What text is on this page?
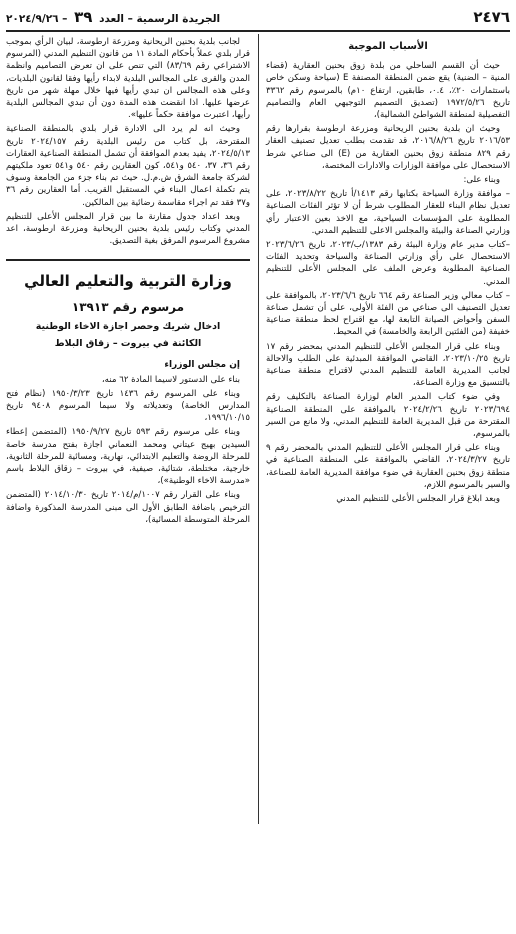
٢٤٧٦
الجريدة الرسمية – العدد ٣٩ – ٢٠٢٤/٩/٢٦
الأسباب الموجبة

حيث أن القسم الساحلي من بلدة زوق بحنين العقارية (قضاء المنية – الضنية) يقع ضمن المنطقة المصنفة E (سياحة وسكن خاص باستثمارات ٢٠٪، ٠.٤، طابقين، ارتفاع ١٠م) بالمرسوم رقم ٣٣٦٢ تاريخ ١٩٧٢/٥/٢٦ (تصديق التصميم التوجيهي العام والتصاميم التفصيلية لمنطقة الشواطئ الشمالية)،

وحيث ان بلدية بحنين الريحانية ومزرعة ارطوسة بقرارها رقم ٢٠١٦/٥٣ تاريخ ٢٠١٦/٨/٢٦، قد تقدمت بطلب تعديل تصنيف العقار رقم ٨٢٩ منطقة زوق بحنين العقارية من (E) الى صناعي شرط الاستحصال على موافقة الوزارات والادارات المختصة،

وبناء على:

– موافقة وزارة السياحة بكتابها رقم ١٤١٣/أ تاريخ ٢٠٢٣/٨/٢٢، على تعديل نظام البناء للعقار المطلوب شرط أن لا تؤثر الفئات الصناعية المطلوبة على المؤسسات السياحية، مع الاخذ بعين الاعتبار رأي وزارتي الصناعة والبيئة والمجلس الاعلى للتنظيم المدني.

–كتاب مدير عام وزارة البيئة رقم ١٣٨٣/ب/٢٠٢٣، تاريخ ٢٠٢٣/٦/٢٦ الاستحصال على رأي وزارتي الصناعة والسياحة وتحديد الفئات الصناعية المطلوبة وعرض الملف على المجلس الأعلى للتنظيم المدني.

– كتاب معالي وزير الصناعة رقم ٦٦٤ تاريخ ٢٠٢٣/٦/٦، بالموافقة على تعديل التصنيف الى صناعي من الفئة الأولى، على أن تشمل صناعة السفن وأحواض الصيانة التابعة لها، مع اقتراح لحظ منطقة صناعية خفيفة (من الفئتين الرابعة والخامسة) في المحيط.

وبناء على قرار المجلس الأعلى للتنظيم المدني بمحضر رقم ١٧ تاريخ ٢٠٢٣/١٠/٢٥، القاضي الموافقة المبدئية على الطلب والاحالة لجانب المديرية العامة للتنظيم المدني لاقتراح منطقة صناعية بالتنسيق مع وزارة الصناعة،

وفي ضوء كتاب المدير العام لوزارة الصناعة بالتكليف رقم ٢٠٢٣/٦٩٤ تاريخ ٢٠٢٤/٢/٢٦ بالموافقة على المنطقة الصناعية المقترحة من قبل المديرية العامة للتنظيم المدني، ولا مانع من السير بالمرسوم،

وبناء على قرار المجلس الأعلى للتنظيم المدني بالمحضر رقم ٩ تاريخ ٢٠٢٤/٣/٢٧، القاضي بالموافقة على المنطقة الصناعية في منطقة زوق بحنين العقارية في ضوء موافقة المديرية العامة للصناعة، والسير بالمرسوم اللازم،

وبعد ابلاغ قرار المجلس الأعلى للتنظيم المدني

لجانب بلدية بحنين الريحانية ومزرعة ارطوسة، لبيان الرأي بموجب قرار بلدي عملاً بأحكام المادة ١١ من قانون التنظيم المدني (المرسوم الاشتراعي رقم ٨٣/٦٩) التي تنص على ان تعرض التصاميم وانظمة المدن والقرى على المجالس البلدية لابداء رأيها وفقا لقانون البلديات، وعلى هذه المجالس ان تبدي رأيها فيها خلال مهلة شهر من تاريخ عرضها عليها. اذا انقضت هذه المدة دون أن تبدي المجالس البلدية رأيها، اعتبرت موافقة حكماً عليها».

وحيث انه لم يرد الى الادارة قرار بلدي بالمنطقة الصناعية المقترحة، بل كتاب من رئيس البلدية رقم ٢٠٢٤/١٥٧ تاريخ ٢٠٢٤/٥/١٣، يفيد بعدم الموافقة أن تشمل المنطقة الصناعية العقارات رقم ٣٦، ٣٧، ٥٤٠ و٥٤١، كون العقارين رقم ٥٤٠ و٥٤١ تعود ملكيتهم لشركة جامعة الشرق ش.م.ل. حيث تم بناء جزء من الجامعة وسوف يتم تكملة اعمال البناء في المستقبل القريب. أما العقارين رقم ٣٦ و٣٧ فقد تم اجراء مقاسمة رضائية بين المالكين.

وبعد اعداد جدول مقارنة ما بين قرار المجلس الأعلى للتنظيم المدني وكتاب رئيس بلدية بحنين الريحانية ومزرعة ارطوسة، اعد مشروع المرسوم المرفق بغية التصديق.

وزارة التربية والتعليم العالي
مرسوم رقم ١٣٩١٣
ادخال شريك وحصر اجازة الاخاء الوطنية
الكائنة في بيروت – زقاق البلاط

إن مجلس الوزراء

بناء على الدستور لاسيما المادة ٦٢ منه،

وبناء على المرسوم رقم ١٤٣٦ تاريخ ١٩٥٠/٣/٢٣ (نظام فتح المدارس الخاصة) وتعديلاته ولا سيما المرسوم ٩٤٠٨ تاريخ ١٩٩٦/١٠/١٥،

وبناء على مرسوم رقم ٥٩٣ تاريخ ١٩٥٠/٩/٢٧ (المتضمن إعطاء السيدين بهيج عيتاني ومحمد النعماني اجازة بفتح مدرسة خاصة للمرحلة الروضة والتعليم الابتدائي، نهارية، ومسائية للمرحلة الثانوية، خارجية، مختلطة، شتائية، صيفية، في بيروت – زقاق البلاط باسم «مدرسة الاخاء الوطنية»)،

وبناء على القرار رقم ١٠٠٧/م/٢٠١٤ تاريخ ٢٠١٤/١٠/٣٠ (المتضمن الترخيص باضافة الطابق الأول الى مبنى المدرسة المذكورة واضافة المرحلة المتوسطة المسائية)،
